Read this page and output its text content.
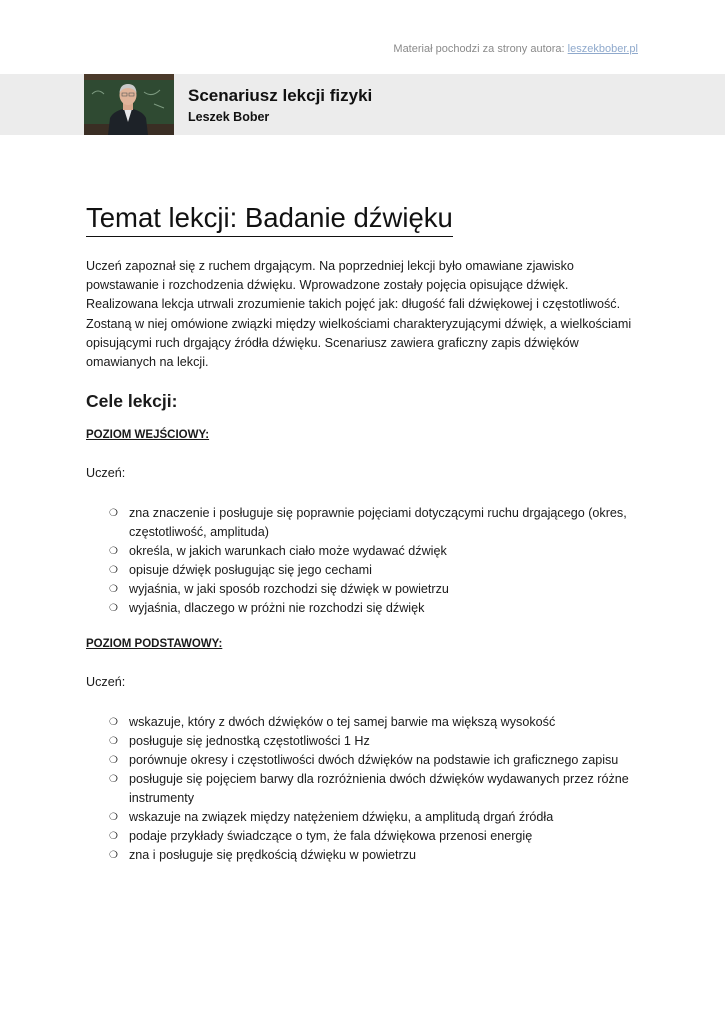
Materiał pochodzi za strony autora: leszekbober.pl
Scenariusz lekcji fizyki
Leszek Bober
Temat lekcji: Badanie dźwięku

Uczeń zapoznał się z ruchem drgającym. Na poprzedniej lekcji było omawiane zjawisko powstawanie i rozchodzenia dźwięku. Wprowadzone zostały pojęcia opisujące dźwięk. Realizowana lekcja utrwali zrozumienie takich pojęć jak: długość fali dźwiękowej i częstotliwość. Zostaną w niej omówione związki między wielkościami charakteryzującymi dźwięk, a wielkościami opisującymi ruch drgający źródła dźwięku. Scenariusz zawiera graficzny zapis dźwięków omawianych na lekcji.

Cele lekcji:
POZIOM WEJŚCIOWY:
Uczeń:
❍ zna znaczenie i posługuje się poprawnie pojęciami dotyczącymi ruchu drgającego (okres, częstotliwość, amplituda)
❍ określa, w jakich warunkach ciało może wydawać dźwięk
❍ opisuje dźwięk posługując się jego cechami
❍ wyjaśnia, w jaki sposób rozchodzi się dźwięk w powietrzu
❍ wyjaśnia, dlaczego w próżni nie rozchodzi się dźwięk
POZIOM PODSTAWOWY:
Uczeń:
❍ wskazuje, który z dwóch dźwięków o tej samej barwie ma większą wysokość
❍ posługuje się jednostką częstotliwości 1 Hz
❍ porównuje okresy i częstotliwości dwóch dźwięków na podstawie ich graficznego zapisu
❍ posługuje się pojęciem barwy dla rozróżnienia dwóch dźwięków wydawanych przez różne instrumenty
❍ wskazuje na związek między natężeniem dźwięku, a amplitudą drgań źródła
❍ podaje przykłady świadczące o tym, że fala dźwiękowa przenosi energię
❍ zna i posługuje się prędkością dźwięku w powietrzu
